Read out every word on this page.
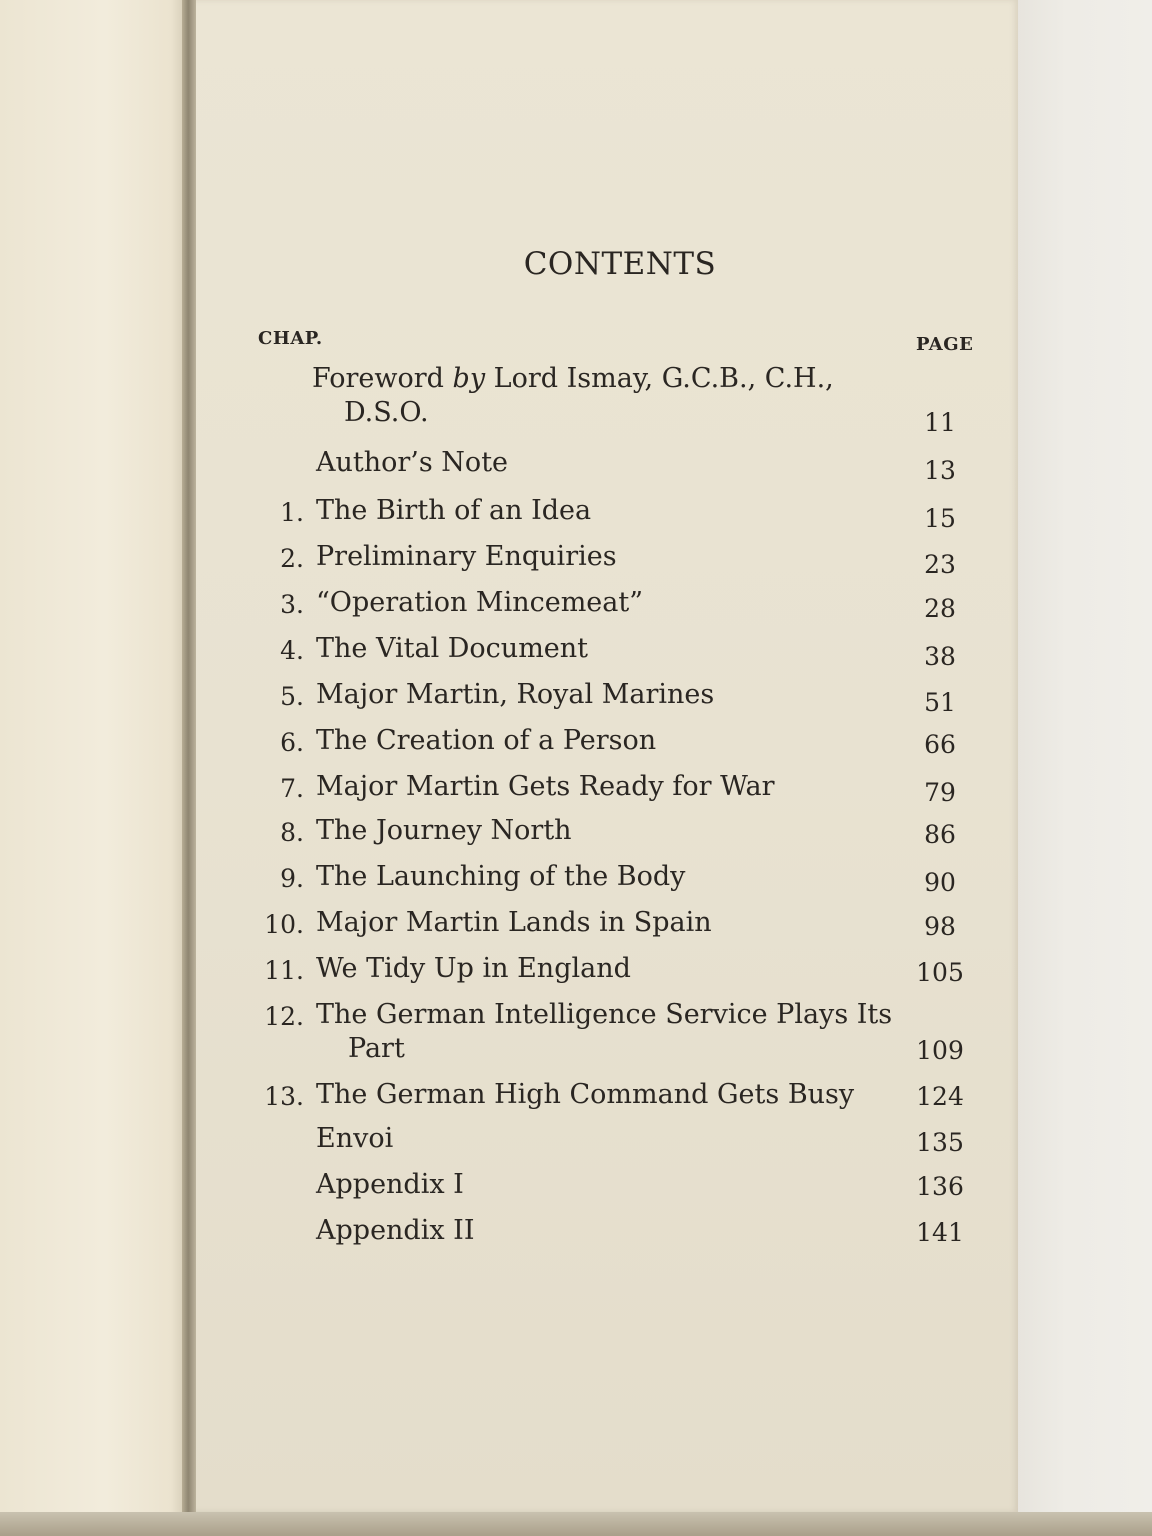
CONTENTS
CHAP.	PAGE
Foreword by Lord Ismay, G.C.B., C.H.,
D.S.O.	11
Author’s Note	13
1. The Birth of an Idea	15
2. Preliminary Enquiries	23
3. “Operation Mincemeat”	28
4. The Vital Document	38
5. Major Martin, Royal Marines	51
6. The Creation of a Person	66
7. Major Martin Gets Ready for War	79
8. The Journey North	86
9. The Launching of the Body	90
10. Major Martin Lands in Spain	98
11. We Tidy Up in England	105
12. The German Intelligence Service Plays Its
Part	109
13. The German High Command Gets Busy	124
Envoi	135
Appendix I	136
Appendix II	141
